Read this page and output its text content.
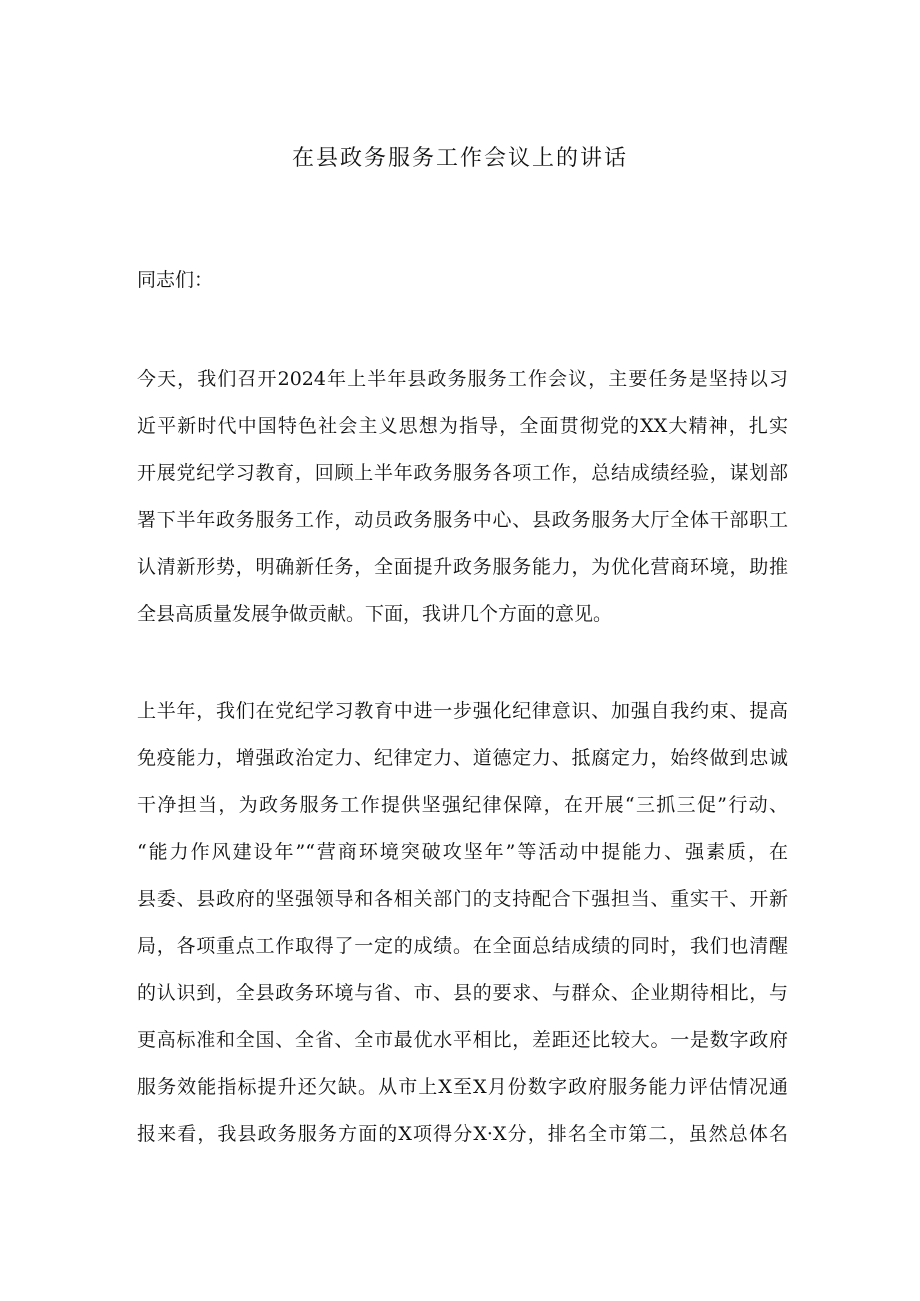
在县政务服务工作会议上的讲话
同志们：
今天，我们召开2024年上半年县政务服务工作会议，主要任务是坚持以习
近平新时代中国特色社会主义思想为指导，全面贯彻党的XX大精神，扎实
开展党纪学习教育，回顾上半年政务服务各项工作，总结成绩经验，谋划部
署下半年政务服务工作，动员政务服务中心、县政务服务大厅全体干部职工
认清新形势，明确新任务，全面提升政务服务能力，为优化营商环境，助推
全县高质量发展争做贡献。下面，我讲几个方面的意见。
上半年，我们在党纪学习教育中进一步强化纪律意识、加强自我约束、提高
免疫能力，增强政治定力、纪律定力、道德定力、抵腐定力，始终做到忠诚
干净担当，为政务服务工作提供坚强纪律保障，在开展“三抓三促”行动、
“能力作风建设年”“营商环境突破攻坚年”等活动中提能力、强素质，在
县委、县政府的坚强领导和各相关部门的支持配合下强担当、重实干、开新
局，各项重点工作取得了一定的成绩。在全面总结成绩的同时，我们也清醒
的认识到，全县政务环境与省、市、县的要求、与群众、企业期待相比，与
更高标准和全国、全省、全市最优水平相比，差距还比较大。一是数字政府
服务效能指标提升还欠缺。从市上X至X月份数字政府服务能力评估情况通
报来看，我县政务服务方面的X项得分X·X分，排名全市第二，虽然总体名
